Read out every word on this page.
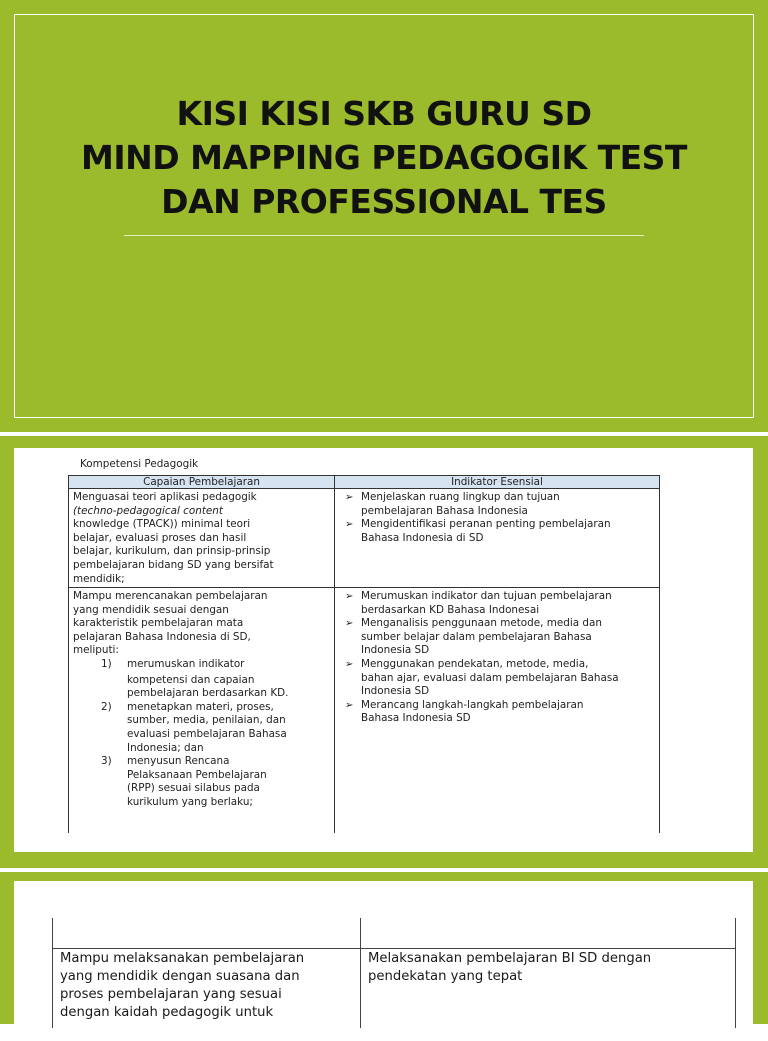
KISI KISI SKB GURU SD
MIND MAPPING PEDAGOGIK TEST
DAN PROFESSIONAL TES
Kompetensi Pedagogik
Capaian Pembelajaran	Indikator Esensial
Menguasai teori aplikasi pedagogik
(techno-pedagogical content
knowledge (TPACK)) minimal teori
belajar, evaluasi proses dan hasil
belajar, kurikulum, dan prinsip-prinsip
pembelajaran bidang SD yang bersifat
mendidik;
➢ Menjelaskan ruang lingkup dan tujuan
pembelajaran Bahasa Indonesia
➢ Mengidentifikasi peranan penting pembelajaran
Bahasa Indonesia di SD
Mampu merencanakan pembelajaran
yang mendidik sesuai dengan
karakteristik pembelajaran mata
pelajaran Bahasa Indonesia di SD,
meliputi:
1) merumuskan indikator
kompetensi dan capaian
pembelajaran berdasarkan KD.
2) menetapkan materi, proses,
sumber, media, penilaian, dan
evaluasi pembelajaran Bahasa
Indonesia; dan
3) menyusun Rencana
Pelaksanaan Pembelajaran
(RPP) sesuai silabus pada
kurikulum yang berlaku;
➢ Merumuskan indikator dan tujuan pembelajaran
berdasarkan KD Bahasa Indonesai
➢ Menganalisis penggunaan metode, media dan
sumber belajar dalam pembelajaran Bahasa
Indonesia SD
➢ Menggunakan pendekatan, metode, media,
bahan ajar, evaluasi dalam pembelajaran Bahasa
Indonesia SD
➢ Merancang langkah-langkah pembelajaran
Bahasa Indonesia SD
Mampu melaksanakan pembelajaran
yang mendidik dengan suasana dan
proses pembelajaran yang sesuai
dengan kaidah pedagogik untuk
Melaksanakan pembelajaran BI SD dengan
pendekatan yang tepat
